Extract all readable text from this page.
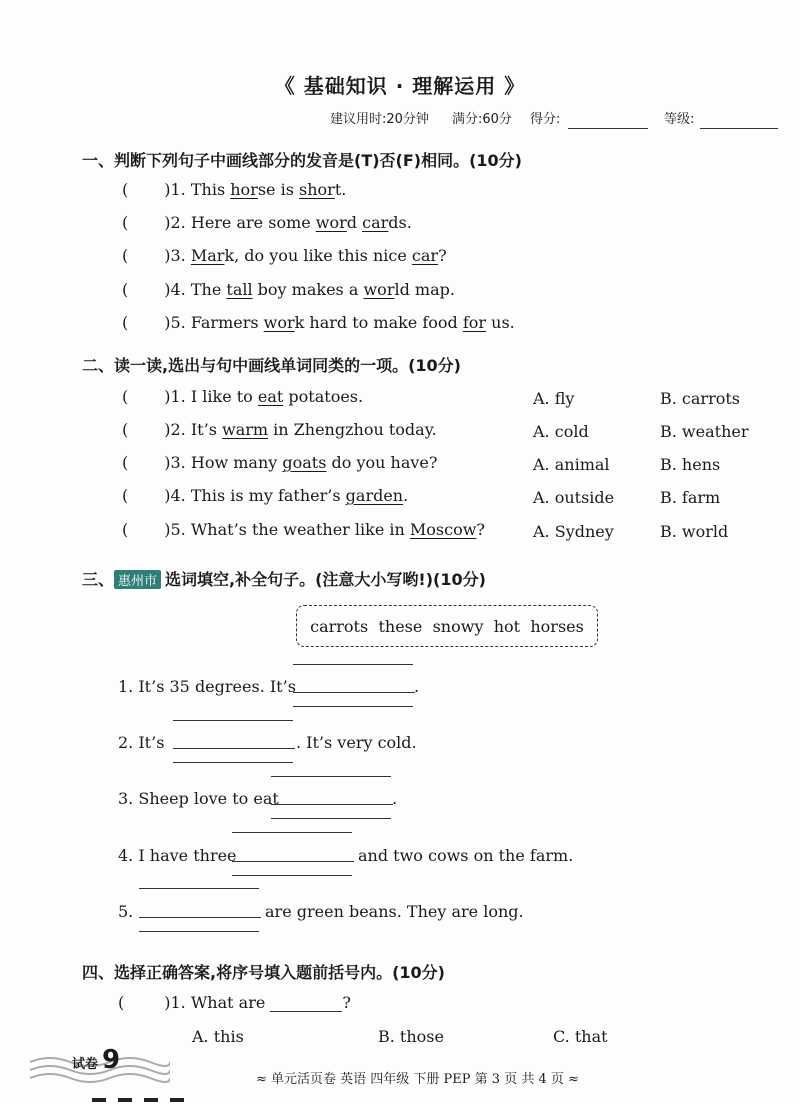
《 基础知识 · 理解运用 》
建议用时:20分钟 满分:60分 得分:	等级:
一、判断下列句子中画线部分的发音是(T)否(F)相同。(10分)
( )1. This horse is short.
( )2. Here are some word cards.
( )3. Mark, do you like this nice car?
( )4. The tall boy makes a world map.
( )5. Farmers work hard to make food for us.
二、读一读,选出与句中画线单词同类的一项。(10分)
( )1. I like to eat potatoes.	A. fly	B. carrots
( )2. It’s warm in Zhengzhou today.	A. cold	B. weather
( )3. How many goats do you have?	A. animal	B. hens
( )4. This is my father’s garden.	A. outside	B. farm
( )5. What’s the weather like in Moscow?	A. Sydney	B. world
三、 惠州市 选词填空,补全句子。(注意大小写哟!)(10分)
carrots these snowy hot horses
1. It’s 35 degrees. It’s	.
2. It’s	. It’s very cold.
3. Sheep love to eat	.
4. I have three	and two cows on the farm.
5.	are green beans. They are long.
四、选择正确答案,将序号填入题前括号内。(10分)
(	)1. What are	?
A. this	B. those	C. that
试卷 9
≈ 单元活页卷 英语 四年级 下册 PEP 第 3 页 共 4 页 ≈
